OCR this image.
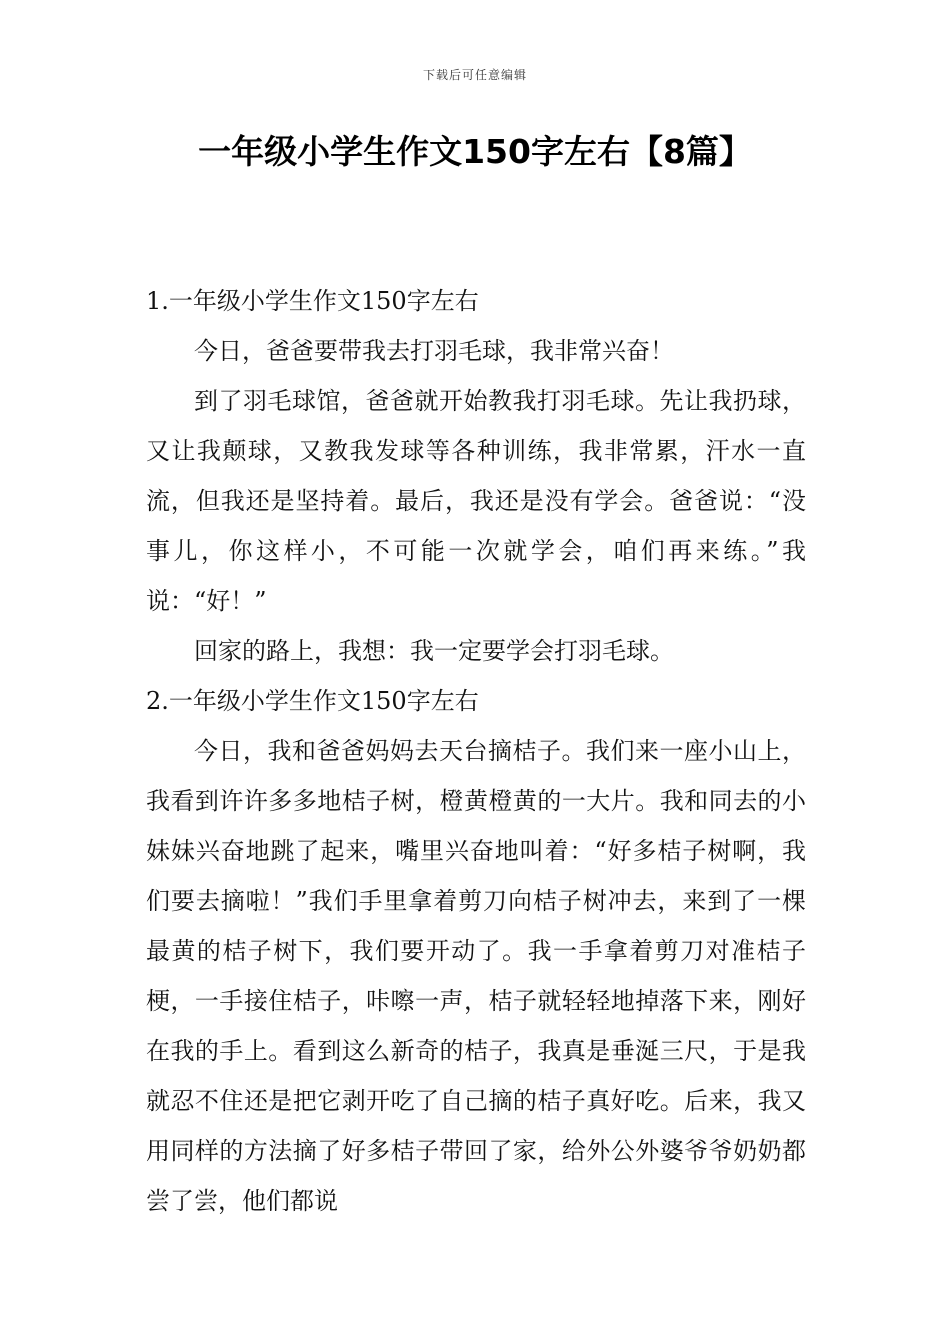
下载后可任意编辑
一年级小学生作文150字左右【8篇】
1.一年级小学生作文150字左右

今日，爸爸要带我去打羽毛球，我非常兴奋！

到了羽毛球馆，爸爸就开始教我打羽毛球。先让我扔球，又让我颠球，又教我发球等各种训练，我非常累，汗水一直流，但我还是坚持着。最后，我还是没有学会。爸爸说：“没事儿，你这样小，不可能一次就学会，咱们再来练。”我说：“好！”

回家的路上，我想：我一定要学会打羽毛球。

2.一年级小学生作文150字左右

今日，我和爸爸妈妈去天台摘桔子。我们来一座小山上，我看到许许多多地桔子树，橙黄橙黄的一大片。我和同去的小妹妹兴奋地跳了起来，嘴里兴奋地叫着：“好多桔子树啊，我们要去摘啦！”我们手里拿着剪刀向桔子树冲去，来到了一棵最黄的桔子树下，我们要开动了。我一手拿着剪刀对准桔子梗，一手接住桔子，咔嚓一声，桔子就轻轻地掉落下来，刚好在我的手上。看到这么新奇的桔子，我真是垂涎三尺，于是我就忍不住还是把它剥开吃了自己摘的桔子真好吃。后来，我又用同样的方法摘了好多桔子带回了家，给外公外婆爷爷奶奶都尝了尝，他们都说
